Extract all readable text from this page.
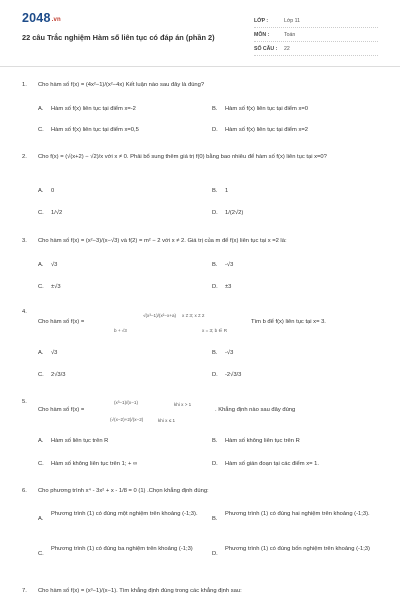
2048.vn
22 câu Trắc nghiệm Hàm số liên tục có đáp án (phần 2)
LỚP :	Lớp 11
MÔN :	Toán
SỐ CÂU :	22
1. Cho hàm số f(x) = (4x²−1)/(x²−4x) Kết luận nào sau đây là đúng?
A. Hàm số f(x) liên tục tại điểm x=-2	B. Hàm số f(x) liên tục tại điểm x=0
C. Hàm số f(x) liên tục tại điểm x=0,5	D. Hàm số f(x) liên tục tại điểm x=2
2. Cho f(x) = (√(x+2) − √2)/x với x ≠ 0. Phải bổ sung thêm giá trị f(0) bằng bao nhiêu để hàm số f(x) liên tục tại x=0?
A. 0	B. 1
C. 1/√2	D. 1/(2√2)
3. Cho hàm số f(x) = (x²−3)/(x−√3) và f(2) = m² − 2 với x ≠ 2. Giá trị của m để f(x) liên tục tại x =2 là:
A. √3	B. -√3
C. ±√3	D. ±3
4.
Cho hàm số f(x) =
√(x³−1)/(x²−x+a)
b + √3
x ≠ 3; x ≠ 2
x = 3; b ∈ R
Tìm b để f(x) liên tục tại x= 3.
A. √3	B. -√3
C. 2√3/3	D. -2√3/3
5.
Cho hàm số f(x) =
(x³−1)/(x−1)
(√(x−2)+2)/(x−2)
khi x > 1
khi x ≤ 1
. Khẳng định nào sau đây đúng
A. Hàm số liên tục trên R	B. Hàm số không liên tục trên R
C. Hàm số không liên tục trên 1; + ∞	D. Hàm số gián đoạn tại các điểm x= 1.
6. Cho phương trình x⁴ - 3x² + x - 1/8 = 0 (1) .Chọn khẳng định đúng:
A.
Phương trình (1) có đúng một nghiệm trên khoảng (-1;3).
B.
Phương trình (1) có đúng hai nghiệm trên khoảng (-1;3).
C.
Phương trình (1) có đúng ba nghiệm trên khoảng (-1;3)
D.
Phương trình (1) có đúng bốn nghiệm trên khoảng (-1;3)
7. Cho hàm số f(x) = (x³−1)/(x−1). Tìm khẳng định đúng trong các khẳng định sau:
